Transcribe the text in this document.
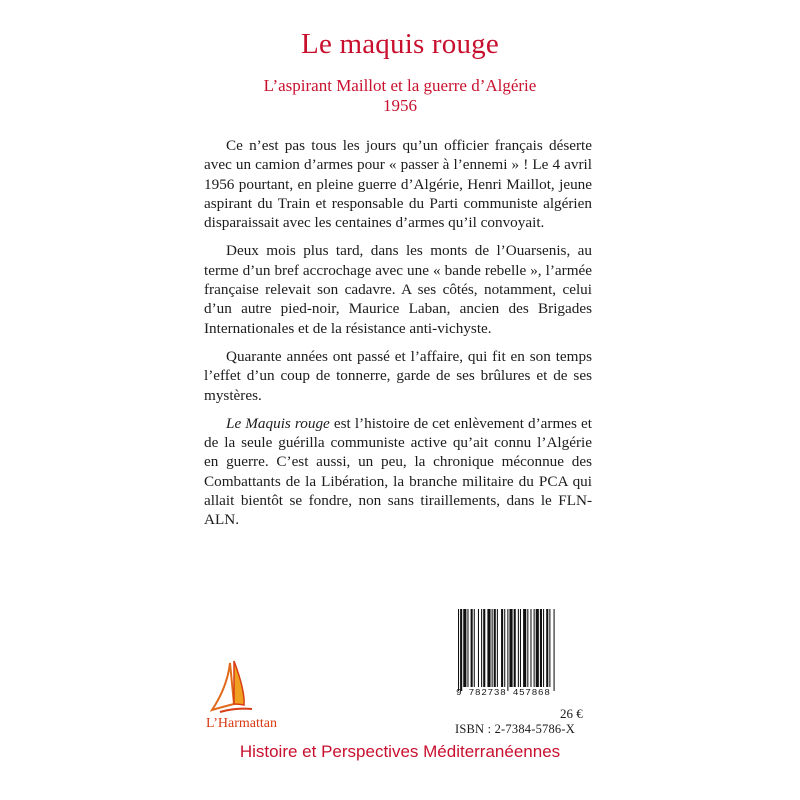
Le maquis rouge
L’aspirant Maillot et la guerre d’Algérie
1956

Ce n’est pas tous les jours qu’un officier français déserte avec un camion d’armes pour « passer à l’ennemi » ! Le 4 avril 1956 pourtant, en pleine guerre d’Algérie, Henri Maillot, jeune aspirant du Train et responsable du Parti communiste algérien disparaissait avec les centaines d’armes qu’il convoyait.

Deux mois plus tard, dans les monts de l’Ouarsenis, au terme d’un bref accrochage avec une « bande rebelle », l’armée française relevait son cadavre. A ses côtés, notamment, celui d’un autre pied-noir, Maurice Laban, ancien des Brigades Internationales et de la résistance anti-vichyste.

Quarante années ont passé et l’affaire, qui fit en son temps l’effet d’un coup de tonnerre, garde de ses brûlures et de ses mystères.

Le Maquis rouge est l’histoire de cet enlèvement d’armes et de la seule guérilla communiste active qu’ait connu l’Algérie en guerre. C’est aussi, un peu, la chronique méconnue des Combattants de la Libération, la branche militaire du PCA qui allait bientôt se fondre, non sans tiraillements, dans le FLN-ALN.

L’Harmattan
9 782738 457868
26 €
ISBN : 2-7384-5786-X
Histoire et Perspectives Méditerranéennes
